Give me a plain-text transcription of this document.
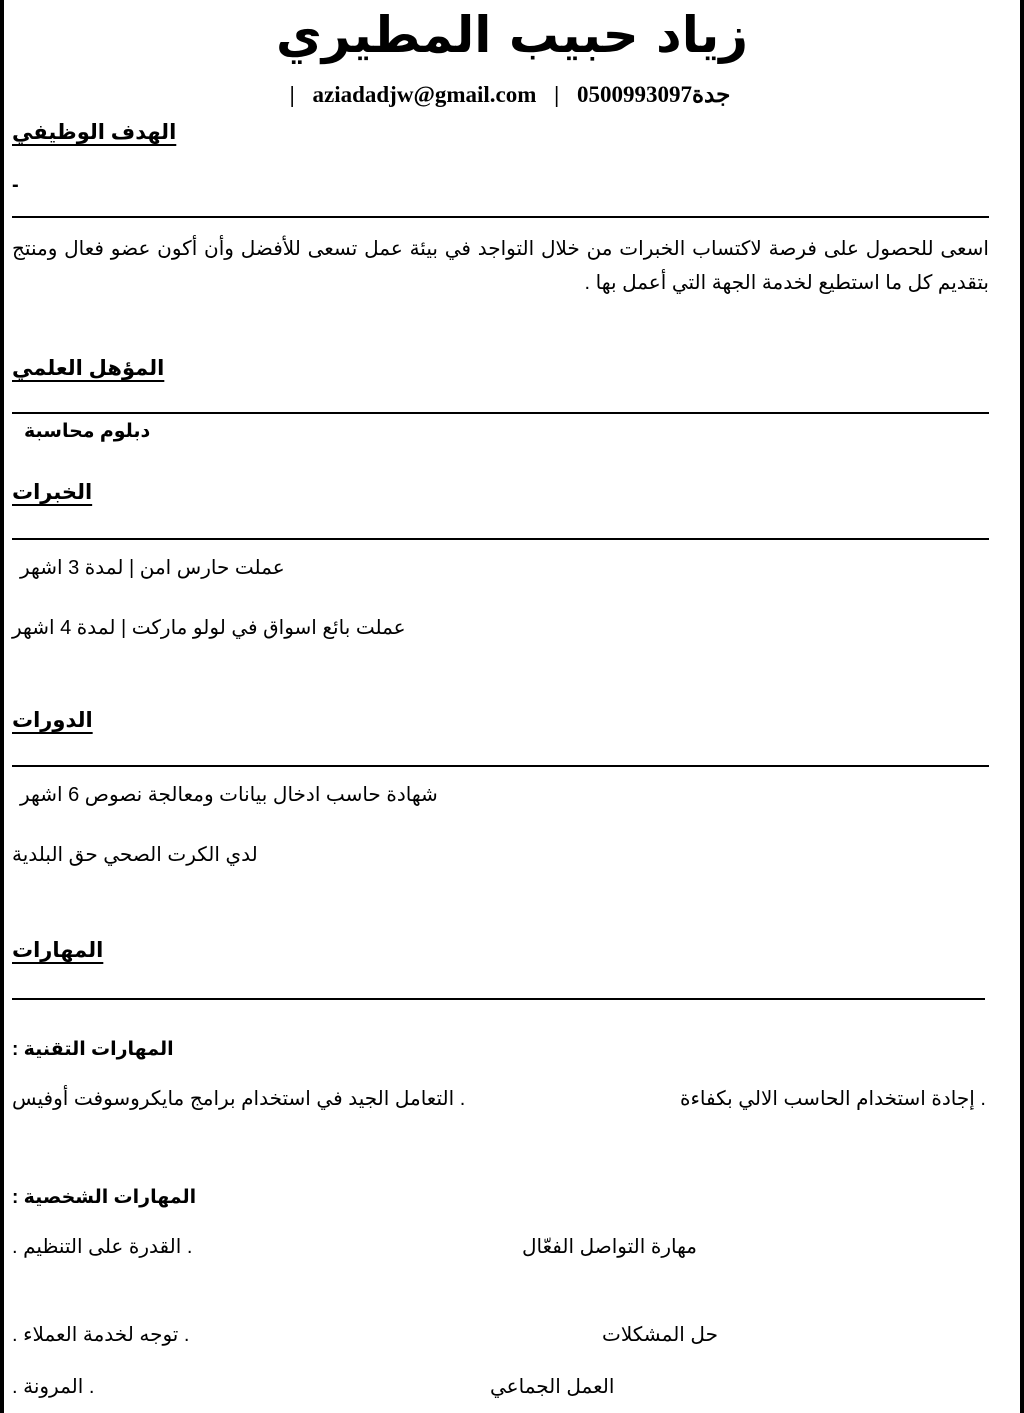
زياد حبيب المطيري
| aziadadjw@gmail.com | جدة0500993097
الهدف الوظيفي
-
اسعى للحصول على فرصة لاكتساب الخبرات من خلال التواجد في بيئة عمل تسعى للأفضل وأن أكون عضو فعال ومنتج بتقديم كل ما استطيع لخدمة الجهة التي أعمل بها .
المؤهل العلمي
دبلوم محاسبة
الخبرات
عملت حارس امن | لمدة 3 اشهر
عملت بائع اسواق في لولو ماركت | لمدة 4 اشهر
الدورات
شهادة حاسب ادخال بيانات ومعالجة نصوص 6 اشهر
لدي الكرت الصحي حق البلدية
المهارات
المهارات التقنية :
. إجادة استخدام الحاسب الالي بكفاءة
. التعامل الجيد في استخدام برامج مايكروسوفت أوفيس
المهارات الشخصية :
مهارة التواصل الفعّال
. القدرة على التنظيم .
حل المشكلات
. توجه لخدمة العملاء .
العمل الجماعي
. المرونة .
